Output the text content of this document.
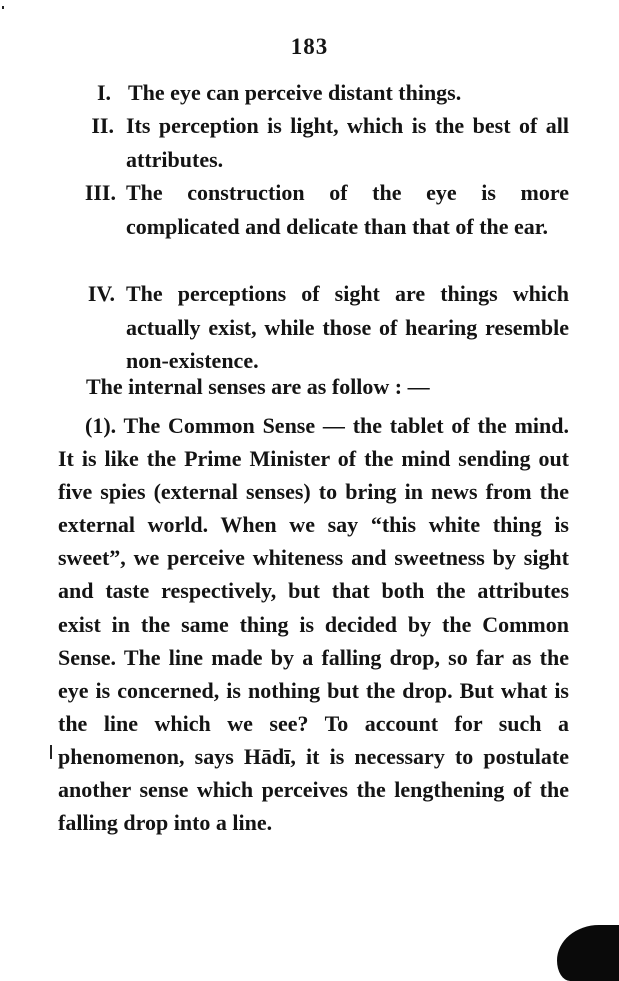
183
I. The eye can perceive distant things.
II. Its perception is light, which is the best of all attributes.
III. The construction of the eye is more complicated and delicate than that of the ear.
IV. The perceptions of sight are things which actually exist, while those of hearing resemble non-existence.
The internal senses are as follow : —
(1). The Common Sense — the tablet of the mind. It is like the Prime Minister of the mind sending out five spies (external senses) to bring in news from the external world. When we say “this white thing is sweet”, we perceive whiteness and sweetness by sight and taste respectively, but that both the attributes exist in the same thing is decided by the Common Sense. The line made by a falling drop, so far as the eye is concerned, is nothing but the drop. But what is the line which we see? To account for such a phenomenon, says Hādī, it is necessary to postulate another sense which perceives the lengthening of the falling drop into a line.
